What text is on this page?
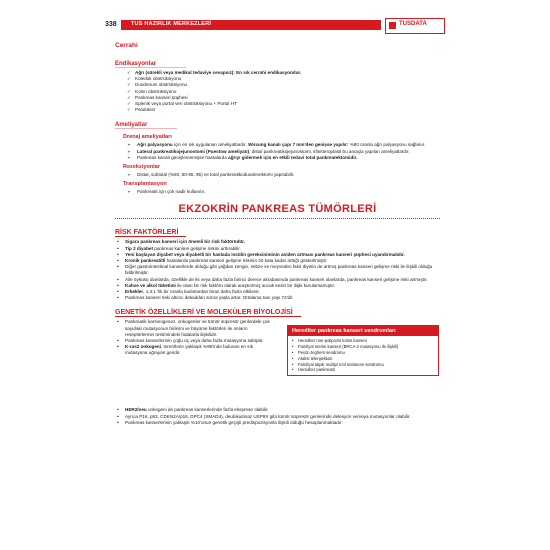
338	TUS HAZIRLIK MERKEZLERİ	TUSDATA
Cerrahi
Endikasyonlar
✓ Ağrı (sürekli veya medikal tedaviye cevapsız): En sık cerrahi endikasyondur.
✓ Koledok obstrüksiyonu
✓ Duodenum obstrüksiyonu
✓ Kolon obstrüksiyonu
✓ Pankreas kanseri şüphesi
✓ Splenik veya portal ven obstrüksiyonu + Portal HT
✓ Psödokist
Ameliyatlar
Drenaj ameliyatları
➢ Ağrı palyasyonu için en sık uygulanan ameliyatlardır. Wirsung kanalı çapı 7 mm'den genişse yapılır: %80 oranla ağrı palyasyonu sağlanır.
➢ Lateral pankreatikojejunostomi (Puestow ameliyatı), distal pankreatikojejunostomi, sfinkteroplasti bu amaçla yapılan ameliyatlardır.
➢ Pankreas kanalı genişlememişse hastalarda ağrıyı gidermek için en etkili tedavi total pankreatektomidir.
Rezeksiyonlar
➢ Distal, subtotal (%50, 80-85, 95) ve total pankreatikoduodenektomi yapılabilir.
Transplantasyon
➢ Pankreatit için çok nadir kullanılır.
EKZOKRİN PANKREAS TÜMÖRLERİ
RİSK FAKTÖRLERİ
▪ Sigara pankreas kanseri için önemli bir risk faktörüdür.
▪ Tip 2 diyabet pankreas kanseri gelişme riskini arttırabilir.
▪ Yeni başlayan diyabet veya diyabetli bir hastada insülin gereksiniminin aniden artması pankreas kanseri şüphesi uyandırmalıdır.
▪ Kronik pankreatitli hastalarda pankreas kanseri gelişme riskinin 20 kata kadar arttığı gösterilmiştir.
▪ Diğer gastrointestinal kanserlerde olduğu gibi yağdan zengin, sebze ve meyveden fakir diyetin de artmış pankreas kanseri gelişme riski ile ilişkili olduğu bildirilmiştir.
▪ Aile öyküsü olanlarda, özellikle de iki veya daha fazla birinci derece akrabasında pankreas kanseri olanlarda, pankreas kanseri gelişme riski artmıştır.
▪ Kahve ve alkol tüketimi ile olası bir risk faktörü olarak araştırılmış ancak kesin bir ilişki kurulamamıştır.
▪ Erkekler, 1,3:1 'lik bir oranla kadınlardan biraz daha fazla etkilenir.
▪ Pankreas kanseri riski altıncı dekaddan sonra yaşla artar. Ortalama tanı yaşı 72'dir.
GENETİK ÖZELLİKLERİ VE MOLEKÜLER BİYOLOJİSİ
▪ Pankreatik karsinogenez, onkogenler ve tümör süpresör genlerdeki çok sayıdaki mutasyonun birikimi ve büyüme faktörleri ile onların reseptörlerinin üretimindeki hatalarla ilişkilidir.
▪ Pankreas kanserlerinin çoğu üç veya daha fazla mutasyona sahiptir.
▪ K-ras2 onkogeni, tümörlerin yaklaşık %95'inde bulunan en sık mutasyona uğrayan gendir.
Herediter pankreas kanseri sendromları
• Herediter non-polipozis kolon kanseri
• Familyal meme kanseri (BRCA-2 mutasyonu ile ilişkili)
• Peutz-Jeghers sendromu
• Ataksi telenjiektazi
• Familyal atipik multipl mol melanom sendromu
• Herediter pankreatit
▪ HER2/neu onkogeni de pankreas kanserlerinde fazla eksprese olabilir.
▪ Ayrıca P16, p53, CDKN2A/p16, DPC4 (SMAD4), deubikuitinaz USP9X gibi tümör süpresör genlerinde delesyon ve/veya mutasyonlar olabilir.
▪ Pankreas kanserlerinin yaklaşık %10'unun genetik geçişli predispozisyonla ilişkili olduğu hesaplanmaktadır.
